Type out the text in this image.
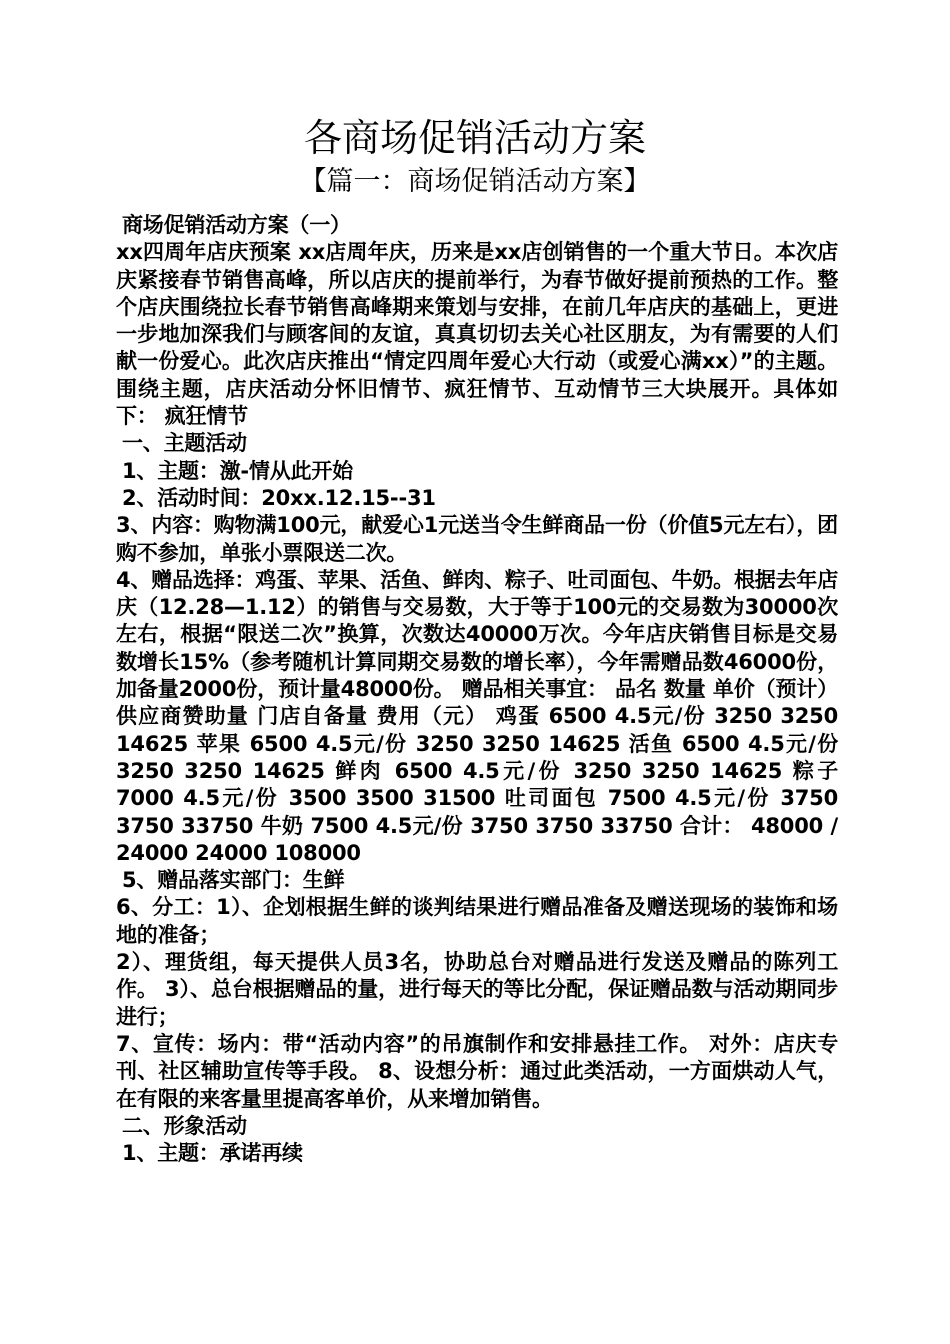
各商场促销活动方案
【篇一：商场促销活动方案】

商场促销活动方案（一）

xx四周年店庆预案 xx店周年庆，历来是xx店创销售的一个重大节日。本次店庆紧接春节销售高峰，所以店庆的提前举行，为春节做好提前预热的工作。整个店庆围绕拉长春节销售高峰期来策划与安排，在前几年店庆的基础上，更进一步地加深我们与顾客间的友谊，真真切切去关心社区朋友，为有需要的人们献一份爱心。此次店庆推出“情定四周年爱心大行动（或爱心满xx）”的主题。围绕主题，店庆活动分怀旧情节、疯狂情节、互动情节三大块展开。具体如下： 疯狂情节

一、主题活动

1、主题：激-情从此开始

2、活动时间：20xx.12.15--31

3、内容：购物满100元，献爱心1元送当令生鲜商品一份（价值5元左右），团购不参加，单张小票限送二次。

4、赠品选择：鸡蛋、苹果、活鱼、鲜肉、粽子、吐司面包、牛奶。根据去年店庆（12.28—1.12）的销售与交易数，大于等于100元的交易数为30000次左右，根据“限送二次”换算，次数达40000万次。今年店庆销售目标是交易数增长15%（参考随机计算同期交易数的增长率），今年需赠品数46000份，加备量2000份，预计量48000份。 赠品相关事宜： 品名 数量 单价（预计） 供应商赞助量 门店自备量 费用（元） 鸡蛋 6500 4.5元/份 3250 3250 14625 苹果 6500 4.5元/份 3250 3250 14625 活鱼 6500 4.5元/份 3250 3250 14625 鲜肉 6500 4.5元/份 3250 3250 14625 粽子 7000 4.5元/份 3500 3500 31500 吐司面包 7500 4.5元/份 3750 3750 33750 牛奶 7500 4.5元/份 3750 3750 33750 合计： 48000 / 24000 24000 108000

5、赠品落实部门：生鲜

6、分工：1）、企划根据生鲜的谈判结果进行赠品准备及赠送现场的装饰和场地的准备；

2）、理货组，每天提供人员3名，协助总台对赠品进行发送及赠品的陈列工作。 3）、总台根据赠品的量，进行每天的等比分配，保证赠品数与活动期同步进行；

7、宣传：场内：带“活动内容”的吊旗制作和安排悬挂工作。 对外：店庆专刊、社区辅助宣传等手段。 8、设想分析：通过此类活动，一方面烘动人气，在有限的来客量里提高客单价，从来增加销售。

二、形象活动

1、主题：承诺再续
